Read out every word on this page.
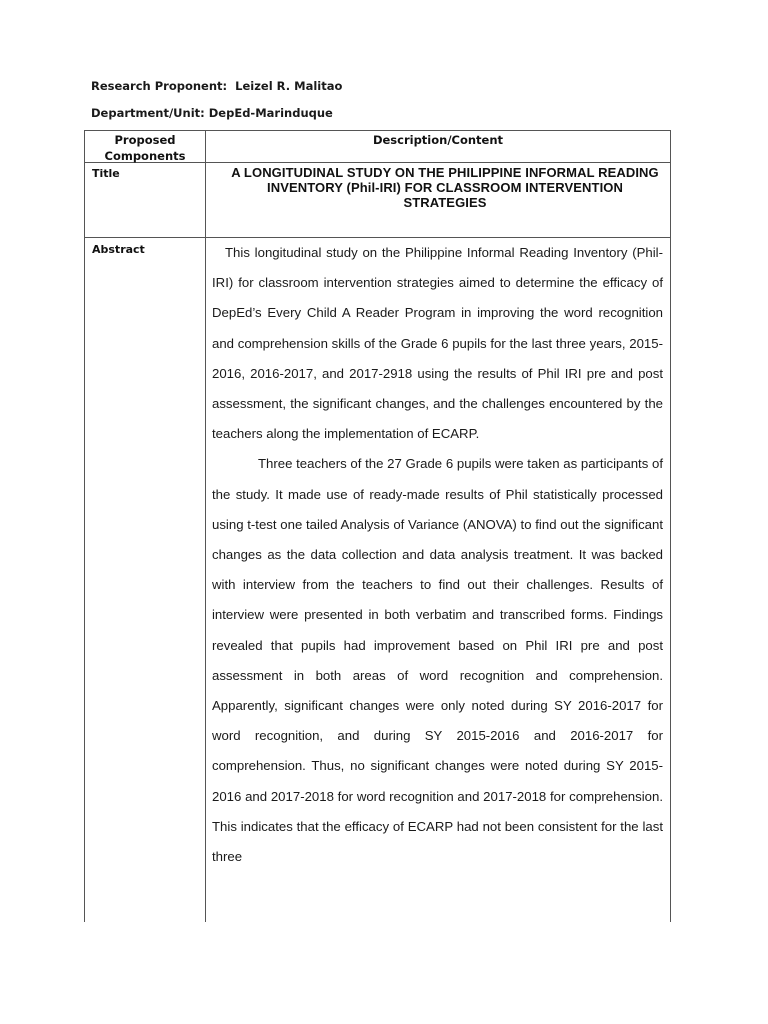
Research Proponent: Leizel R. Malitao
Department/Unit: DepEd-Marinduque
Proposed Components
Description/Content
Title	A LONGITUDINAL STUDY ON THE PHILIPPINE INFORMAL READING INVENTORY (Phil-IRI) FOR CLASSROOM INTERVENTION STRATEGIES
Abstract	This longitudinal study on the Philippine Informal Reading Inventory (Phil-IRI) for classroom intervention strategies aimed to determine the efficacy of DepEd’s Every Child A Reader Program in improving the word recognition and comprehension skills of the Grade 6 pupils for the last three years, 2015-2016, 2016-2017, and 2017-2918 using the results of Phil IRI pre and post assessment, the significant changes, and the challenges encountered by the teachers along the implementation of ECARP.

Three teachers of the 27 Grade 6 pupils were taken as participants of the study. It made use of ready-made results of Phil statistically processed using t-test one tailed Analysis of Variance (ANOVA) to find out the significant changes as the data collection and data analysis treatment. It was backed with interview from the teachers to find out their challenges. Results of interview were presented in both verbatim and transcribed forms. Findings revealed that pupils had improvement based on Phil IRI pre and post assessment in both areas of word recognition and comprehension. Apparently, significant changes were only noted during SY 2016-2017 for word recognition, and during SY 2015-2016 and 2016-2017 for comprehension. Thus, no significant changes were noted during SY 2015-2016 and 2017-2018 for word recognition and 2017-2018 for comprehension. This indicates that the efficacy of ECARP had not been consistent for the last three
